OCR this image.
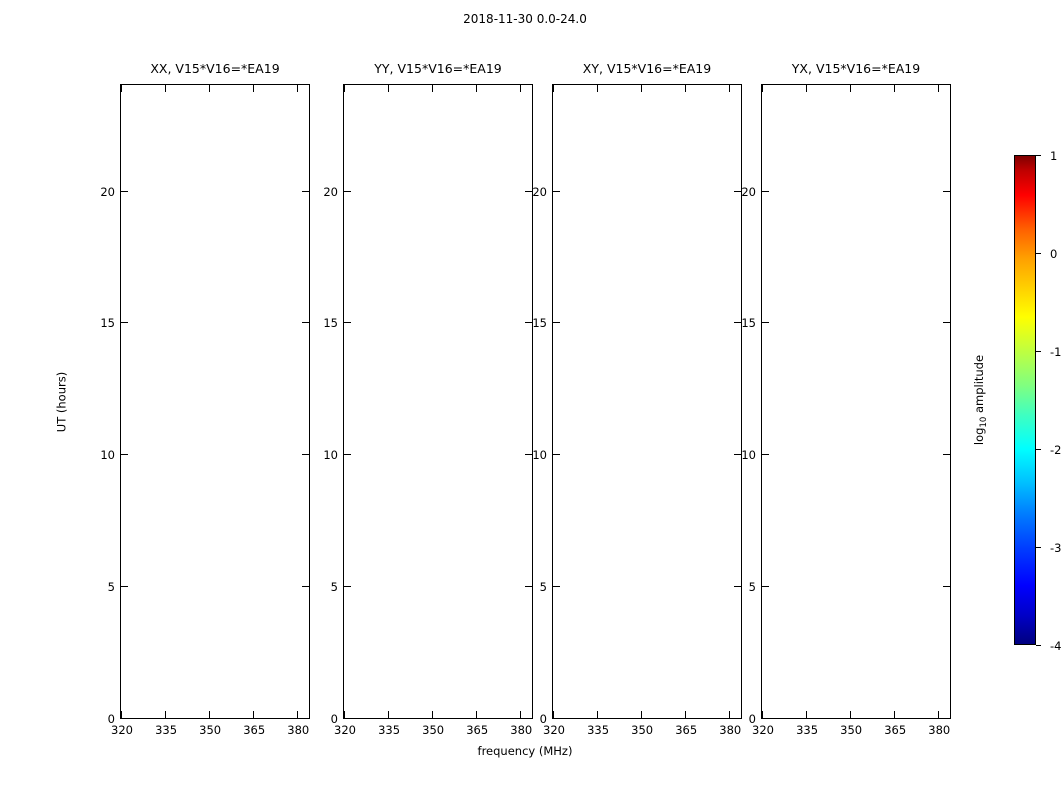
2018-11-30 0.0-24.0
XX, V15*V16=*EA19
0
5
10
15
20
320 335 350 365 380
YY, V15*V16=*EA19
0
5
10
15
20
320 335 350 365 380
XY, V15*V16=*EA19
0
5
10
15
20
320 335 350 365 380
YX, V15*V16=*EA19
0
5
10
15
20
320 335 350 365 380
UT (hours)
frequency (MHz)
1
0
-1
-2
-3
-4
$\log_{10}$ amplitude
